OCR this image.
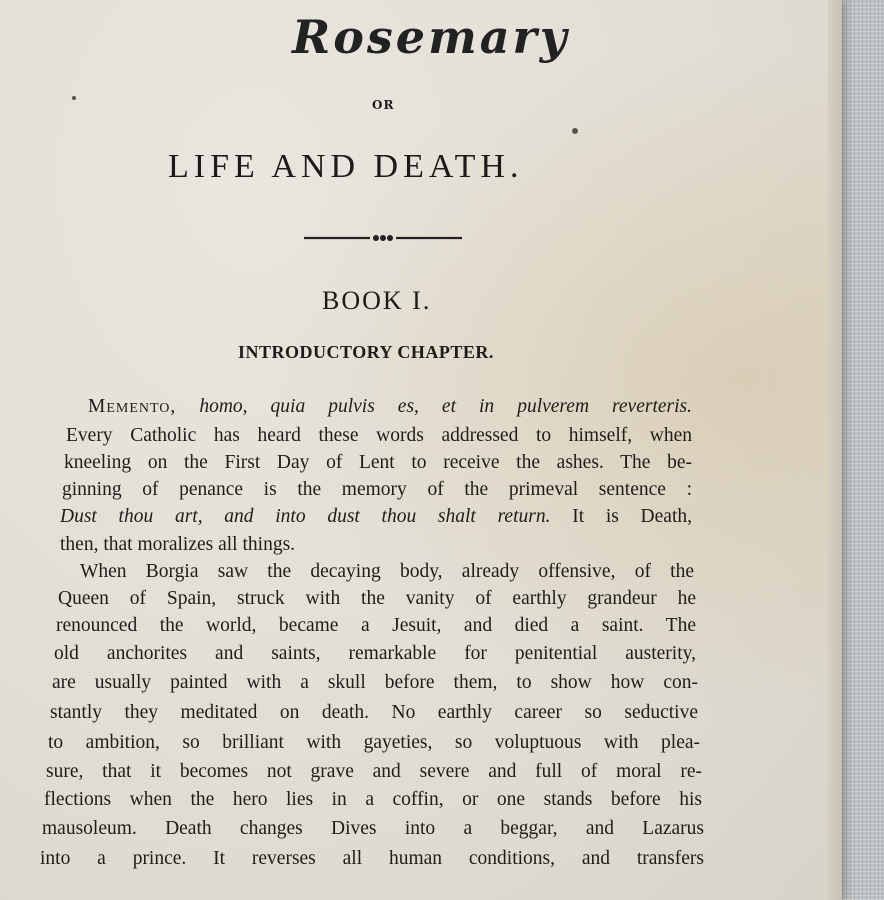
Rosemary
OR
LIFE AND DEATH.
BOOK I.
INTRODUCTORY CHAPTER.
Memento, homo, quia pulvis es, et in pulverem reverteris.
Every Catholic has heard these words addressed to himself, when
kneeling on the First Day of Lent to receive the ashes. The be-
ginning of penance is the memory of the primeval sentence :
Dust thou art, and into dust thou shalt return. It is Death,
then, that moralizes all things.
When Borgia saw the decaying body, already offensive, of the
Queen of Spain, struck with the vanity of earthly grandeur he
renounced the world, became a Jesuit, and died a saint. The
old anchorites and saints, remarkable for penitential austerity,
are usually painted with a skull before them, to show how con-
stantly they meditated on death. No earthly career so seductive
to ambition, so brilliant with gayeties, so voluptuous with plea-
sure, that it becomes not grave and severe and full of moral re-
flections when the hero lies in a coffin, or one stands before his
mausoleum. Death changes Dives into a beggar, and Lazarus
into a prince. It reverses all human conditions, and transfers
